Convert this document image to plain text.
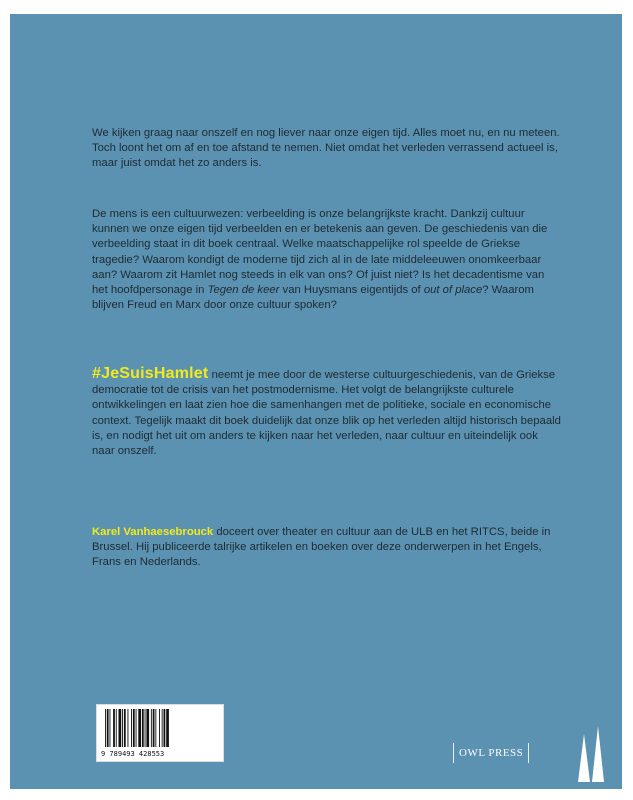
We kijken graag naar onszelf en nog liever naar onze eigen tijd. Alles moet nu, en nu meteen. Toch loont het om af en toe afstand te nemen. Niet omdat het verleden verrassend actueel is, maar juist omdat het zo anders is.

De mens is een cultuurwezen: verbeelding is onze belangrijkste kracht. Dankzij cultuur kunnen we onze eigen tijd verbeelden en er betekenis aan geven. De geschiedenis van die verbeelding staat in dit boek centraal. Welke maatschappelijke rol speelde de Griekse tragedie? Waarom kondigt de moderne tijd zich al in de late middeleeuwen onomkeerbaar aan? Waarom zit Hamlet nog steeds in elk van ons? Of juist niet? Is het decadentisme van het hoofdpersonage in Tegen de keer van Huysmans eigentijds of out of place? Waarom blijven Freud en Marx door onze cultuur spoken?

#JeSuisHamlet neemt je mee door de westerse cultuurgeschiedenis, van de Griekse democratie tot de crisis van het postmodernisme. Het volgt de belangrijkste culturele ontwikkelingen en laat zien hoe die samenhangen met de politieke, sociale en economische context. Tegelijk maakt dit boek duidelijk dat onze blik op het verleden altijd historisch bepaald is, en nodigt het uit om anders te kijken naar het verleden, naar cultuur en uiteindelijk ook naar onszelf.

Karel Vanhaesebrouck doceert over theater en cultuur aan de ULB en het RITCS, beide in Brussel. Hij publiceerde talrijke artikelen en boeken over deze onderwerpen in het Engels, Frans en Nederlands.

9 789493 428553	OWL PRESS
